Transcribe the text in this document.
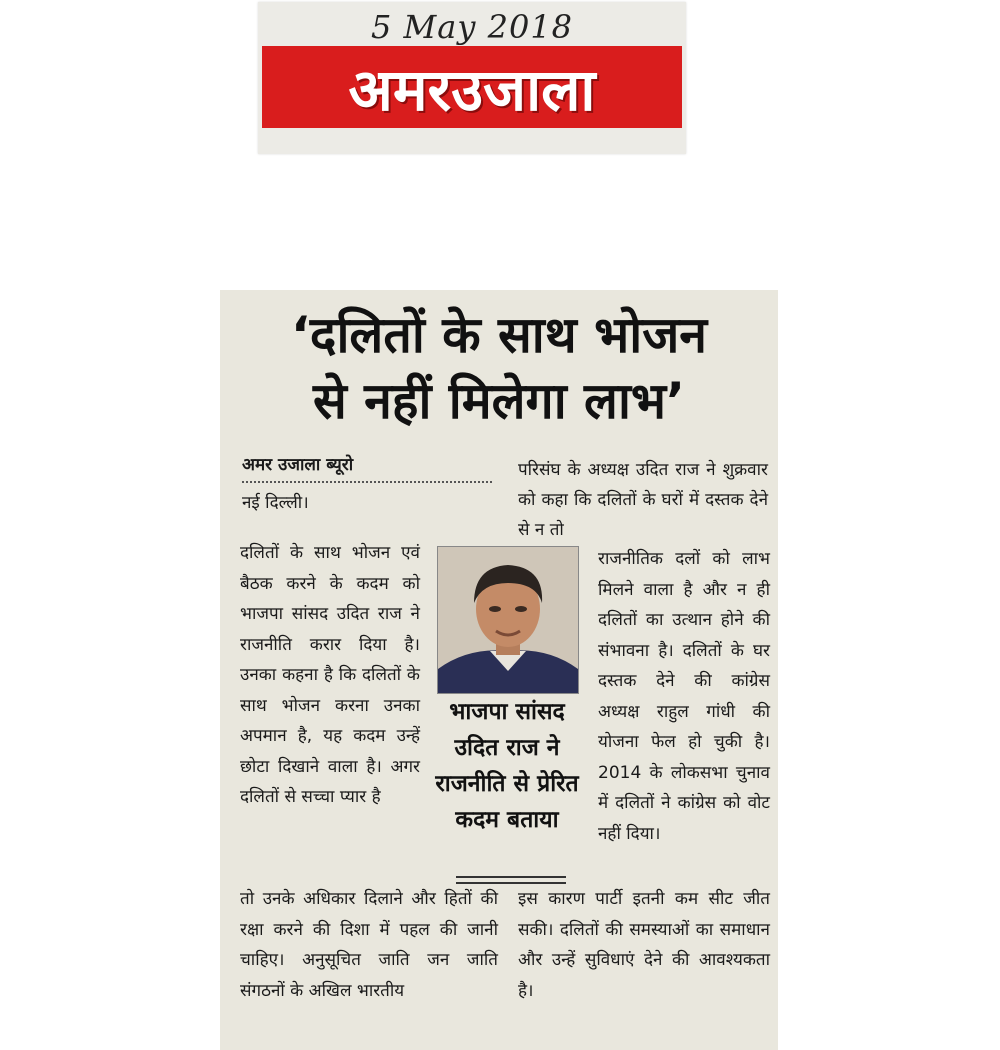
5 May 2018
अमरउजाला
‘दलितों के साथ भोजन
से नहीं मिलेगा लाभ’
अमर उजाला ब्यूरो
नई दिल्ली।
परिसंघ के अध्यक्ष उदित राज ने शुक्रवार को कहा कि दलितों के घरों में दस्तक देने से न तो
दलितों के साथ भोजन एवं बैठक करने के कदम को भाजपा सांसद उदित राज ने राजनीति करार दिया है। उनका कहना है कि दलितों के साथ भोजन करना उनका अपमान है, यह कदम उन्हें छोटा दिखाने वाला है। अगर दलितों से सच्चा प्यार है
राजनीतिक दलों को लाभ मिलने वाला है और न ही दलितों का उत्थान होने की संभावना है। दलितों के घर दस्तक देने की कांग्रेस अध्यक्ष राहुल गांधी की योजना फेल हो चुकी है। 2014 के लोकसभा चुनाव में दलितों ने कांग्रेस को वोट नहीं दिया।
भाजपा सांसद उदित राज ने राजनीति से प्रेरित कदम बताया
तो उनके अधिकार दिलाने और हितों की रक्षा करने की दिशा में पहल की जानी चाहिए। अनुसूचित जाति जन जाति संगठनों के अखिल भारतीय
इस कारण पार्टी इतनी कम सीट जीत सकी। दलितों की समस्याओं का समाधान और उन्हें सुविधाएं देने की आवश्यकता है।
